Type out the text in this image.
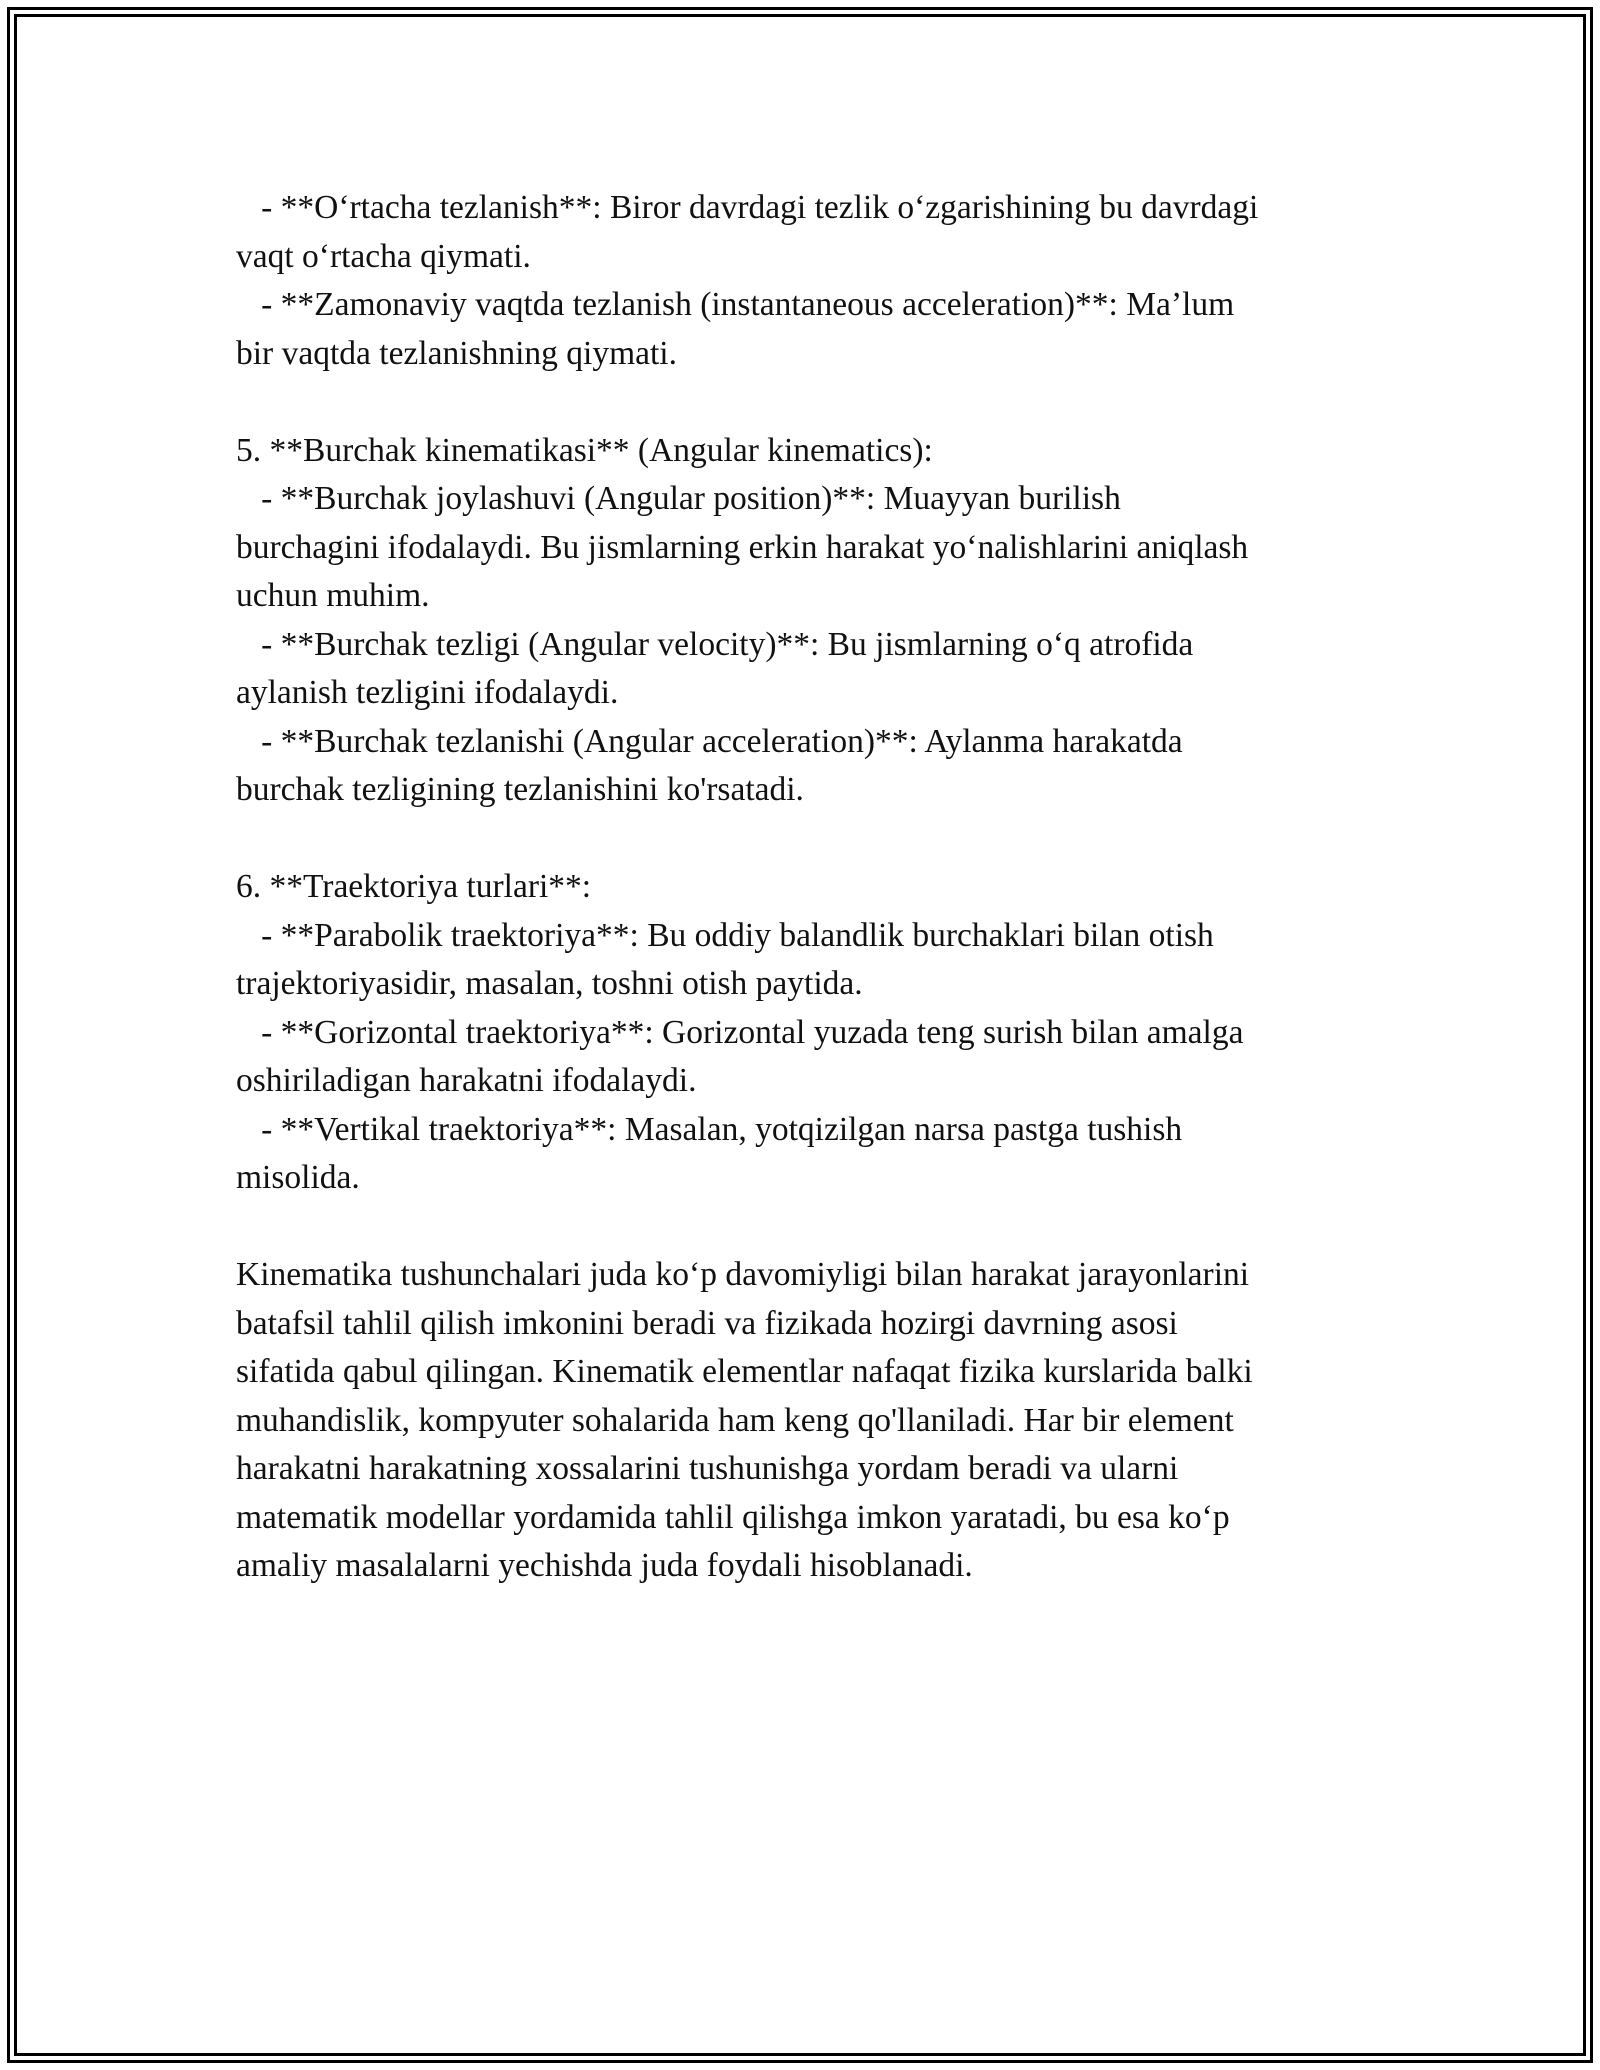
- **O‘rtacha tezlanish**: Biror davrdagi tezlik o‘zgarishining bu davrdagi
vaqt o‘rtacha qiymati.
- **Zamonaviy vaqtda tezlanish (instantaneous acceleration)**: Ma’lum
bir vaqtda tezlanishning qiymati.
5. **Burchak kinematikasi** (Angular kinematics):
- **Burchak joylashuvi (Angular position)**: Muayyan burilish
burchagini ifodalaydi. Bu jismlarning erkin harakat yo‘nalishlarini aniqlash
uchun muhim.
- **Burchak tezligi (Angular velocity)**: Bu jismlarning o‘q atrofida
aylanish tezligini ifodalaydi.
- **Burchak tezlanishi (Angular acceleration)**: Aylanma harakatda
burchak tezligining tezlanishini ko'rsatadi.
6. **Traektoriya turlari**:
- **Parabolik traektoriya**: Bu oddiy balandlik burchaklari bilan otish
trajektoriyasidir, masalan, toshni otish paytida.
- **Gorizontal traektoriya**: Gorizontal yuzada teng surish bilan amalga
oshiriladigan harakatni ifodalaydi.
- **Vertikal traektoriya**: Masalan, yotqizilgan narsa pastga tushish
misolida.
Kinematika tushunchalari juda ko‘p davomiyligi bilan harakat jarayonlarini
batafsil tahlil qilish imkonini beradi va fizikada hozirgi davrning asosi
sifatida qabul qilingan. Kinematik elementlar nafaqat fizika kurslarida balki
muhandislik, kompyuter sohalarida ham keng qo'llaniladi. Har bir element
harakatni harakatning xossalarini tushunishga yordam beradi va ularni
matematik modellar yordamida tahlil qilishga imkon yaratadi, bu esa ko‘p
amaliy masalalarni yechishda juda foydali hisoblanadi.
